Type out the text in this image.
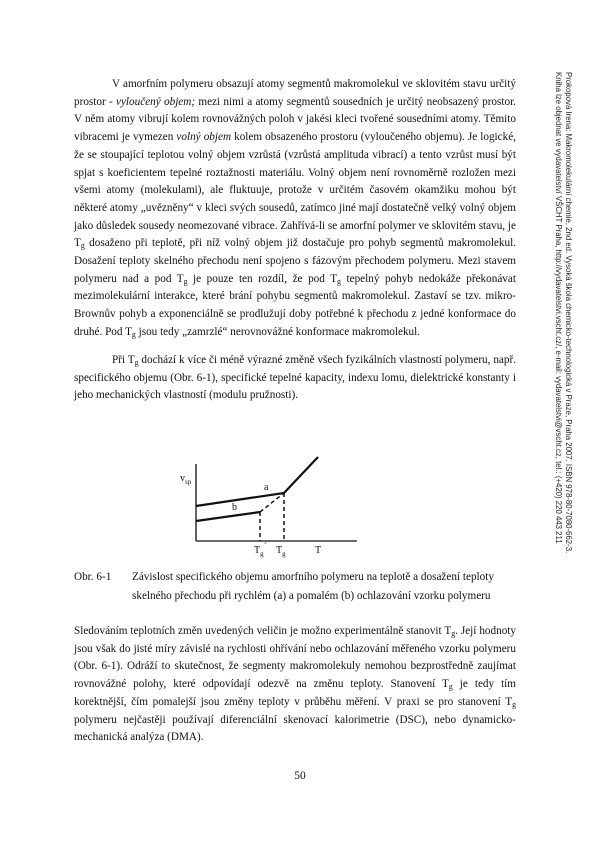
Prokopová Irena: Makromolekulární chemie. 2nd ed. Vysoká škola chemicko-technologická v Praze, Praha 2007. ISBN 978-80-7080-662-3.
Kniha lze objednat ve vydavatelství VŠCHT Praha, http://vydavatelstvi.vscht.cz/, e-mail: vydavatelstvi@vscht.cz, tel.: (+420) 220 443 211

V amorfním polymeru obsazují atomy segmentů makromolekul ve sklovitém stavu určitý prostor - vyloučený objem; mezi nimi a atomy segmentů sousedních je určitý neobsazený prostor. V něm atomy vibrují kolem rovnovážných poloh v jakési kleci tvořené sousedními atomy. Těmito vibracemi je vymezen volný objem kolem obsazeného prostoru (vyloučeného objemu). Je logické, že se stoupající teplotou volný objem vzrůstá (vzrůstá amplituda vibrací) a tento vzrůst musí být spjat s koeficientem tepelné roztažnosti materiálu. Volný objem není rovnoměrně rozložen mezi všemi atomy (molekulami), ale fluktuuje, protože v určitém časovém okamžiku mohou být některé atomy „uvězněny“ v kleci svých sousedů, zatímco jiné mají dostatečně velký volný objem jako důsledek sousedy neomezované vibrace. Zahřívá-li se amorfní polymer ve sklovitém stavu, je $T_g$ dosaženo při teplotě, při níž volný objem již dostačuje pro pohyb segmentů makromolekul. Dosažení teploty skelného přechodu není spojeno s fázovým přechodem polymeru. Mezi stavem polymeru nad a pod $T_g$ je pouze ten rozdíl, že pod $T_g$ tepelný pohyb nedokáže překonávat mezimolekulární interakce, které brání pohybu segmentů makromolekul. Zastaví se tzv. mikro-Brownův pohyb a exponenciálně se prodlužují doby potřebné k přechodu z jedné konformace do druhé. Pod $T_g$ jsou tedy „zamrzlé“ nerovnovážné konformace makromolekul.

Při $T_g$ dochází k více či méně výrazné změně všech fyzikálních vlastností polymeru, např. specifického objemu (Obr. 6-1), specifické tepelné kapacity, indexu lomu, dielektrické konstanty i jeho mechanických vlastností (modulu pružnosti).

$v_{sp}$	a
b
$T_g´$ $T_g$	T
Obr. 6-1 Závislost specifického objemu amorfního polymeru na teplotě a dosažení teploty skelného přechodu při rychlém (a) a pomalém (b) ochlazování vzorku polymeru

Sledováním teplotních změn uvedených veličin je možno experimentálně stanovit $T_g$. Její hodnoty jsou však do jisté míry závislé na rychlosti ohřívání nebo ochlazování měřeného vzorku polymeru (Obr. 6-1). Odráží to skutečnost, že segmenty makromolekuly nemohou bezprostředně zaujímat rovnovážné polohy, které odpovídají odezvě na změnu teploty. Stanovení $T_g$ je tedy tím korektnější, čím pomalejší jsou změny teploty v průběhu měření. V praxi se pro stanovení $T_g$ polymeru nejčastěji používají diferenciální skenovací kalorimetrie (DSC), nebo dynamicko-mechanická analýza (DMA).

50
